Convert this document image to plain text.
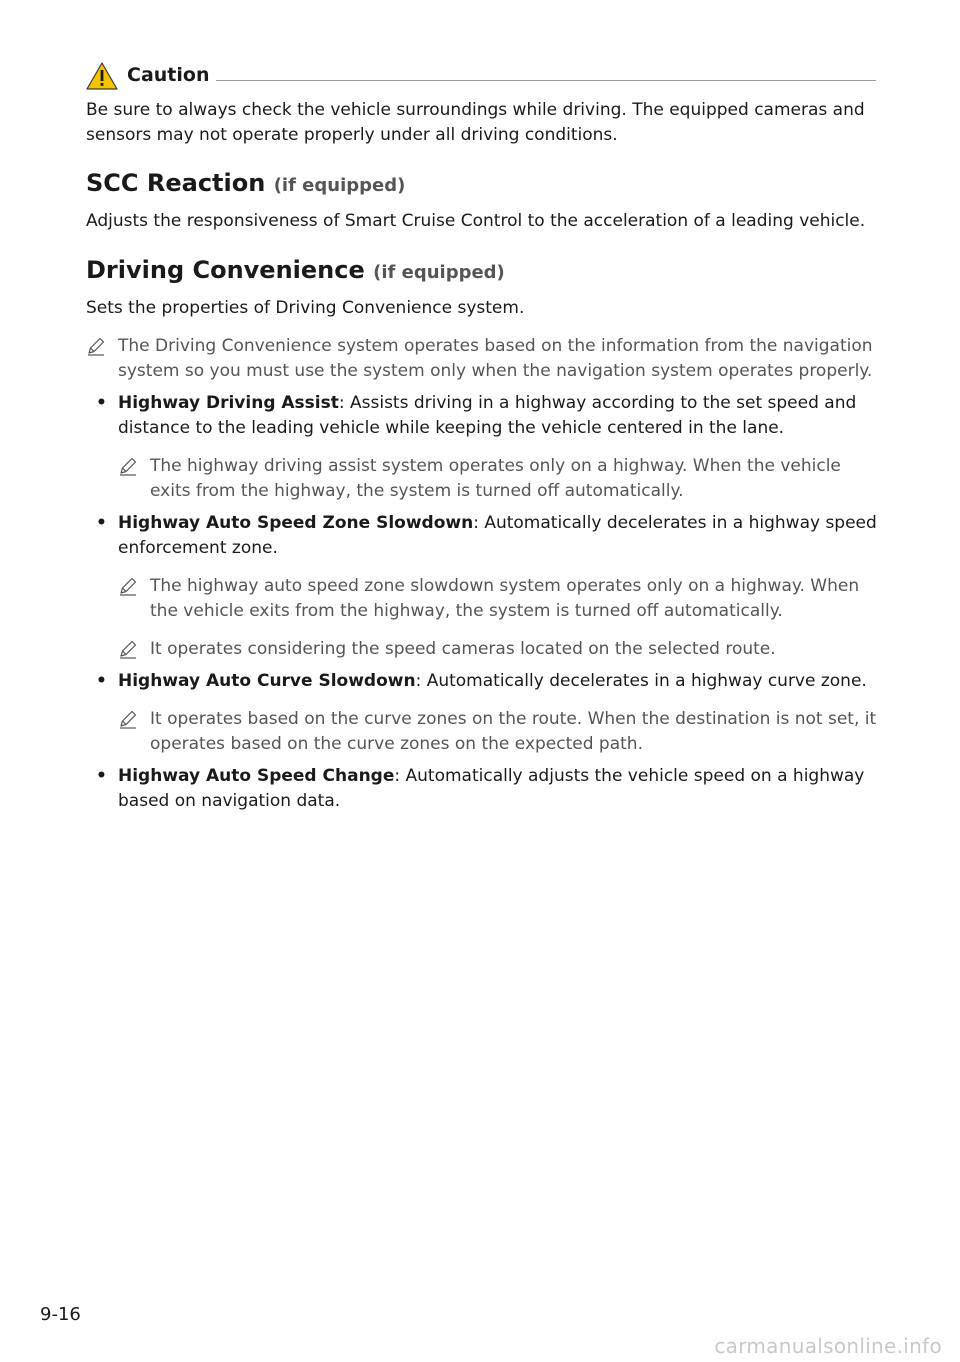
Caution
Be sure to always check the vehicle surroundings while driving. The equipped cameras and sensors may not operate properly under all driving conditions.
SCC Reaction (if equipped)
Adjusts the responsiveness of Smart Cruise Control to the acceleration of a leading vehicle.
Driving Convenience (if equipped)
Sets the properties of Driving Convenience system.
The Driving Convenience system operates based on the information from the navigation system so you must use the system only when the navigation system operates properly.
• Highway Driving Assist: Assists driving in a highway according to the set speed and distance to the leading vehicle while keeping the vehicle centered in the lane.
The highway driving assist system operates only on a highway. When the vehicle exits from the highway, the system is turned off automatically.
• Highway Auto Speed Zone Slowdown: Automatically decelerates in a highway speed enforcement zone.
The highway auto speed zone slowdown system operates only on a highway. When the vehicle exits from the highway, the system is turned off automatically.
It operates considering the speed cameras located on the selected route.
• Highway Auto Curve Slowdown: Automatically decelerates in a highway curve zone.
It operates based on the curve zones on the route. When the destination is not set, it operates based on the curve zones on the expected path.
• Highway Auto Speed Change: Automatically adjusts the vehicle speed on a highway based on navigation data.
9-16
carmanualsonline.info
